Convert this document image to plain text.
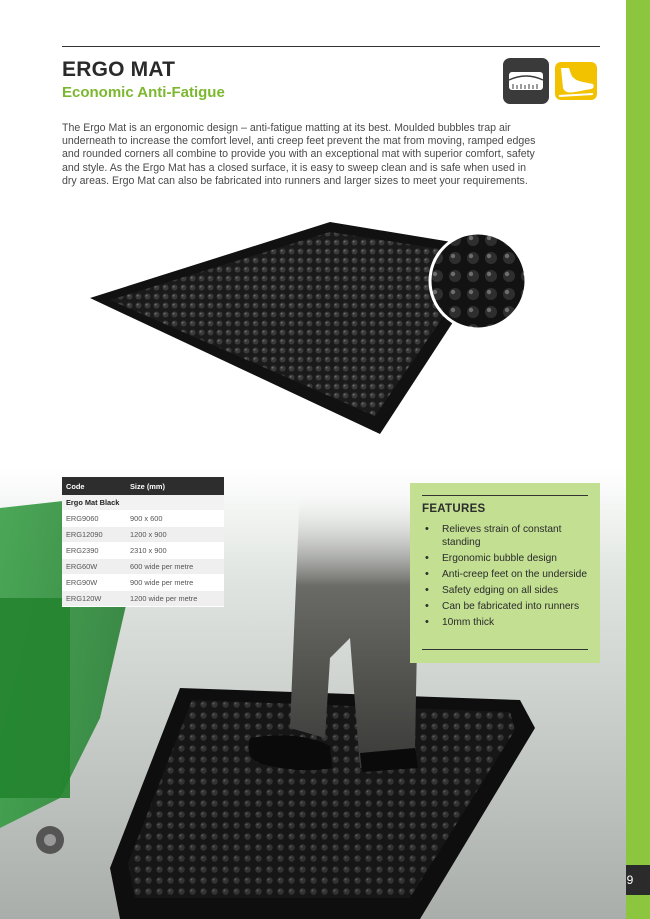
9
ERGO MAT
Economic Anti-Fatigue

The Ergo Mat is an ergonomic design – anti-fatigue matting at its best. Moulded bubbles trap air underneath to increase the comfort level, anti creep feet prevent the mat from moving, ramped edges and rounded corners all combine to provide you with an exceptional mat with superior comfort, safety and style. As the Ergo Mat has a closed surface, it is easy to sweep clean and is safe when used in dry areas. Ergo Mat can also be fabricated into runners and larger sizes to meet your requirements.

Code	Size (mm)
Ergo Mat Black	
ERG9060	900 x 600
ERG12090	1200 x 900
ERG2390	2310 x 900
ERG60W	600 wide per metre
ERG90W	900 wide per metre
ERG120W	1200 wide per metre
FEATURES
• Relieves strain of constant standing
• Ergonomic bubble design
• Anti-creep feet on the underside
• Safety edging on all sides
• Can be fabricated into runners
• 10mm thick
